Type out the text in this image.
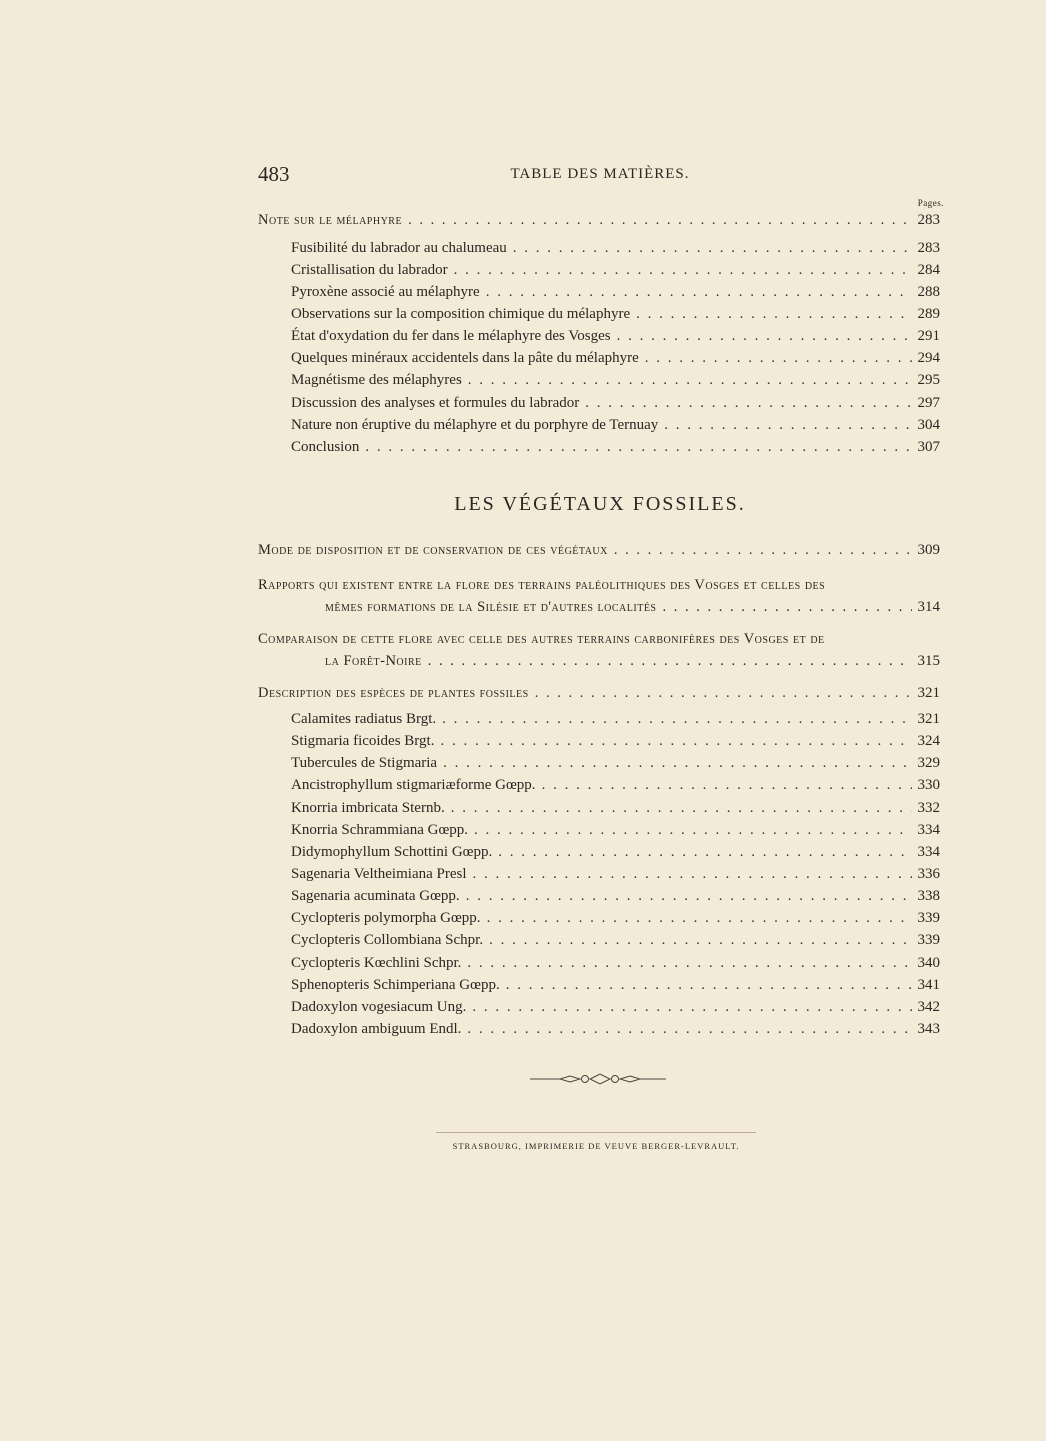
483	TABLE DES MATIÈRES.
Pages.
Note sur le mélaphyre . . .	283
Fusibilité du labrador au chalumeau . . .	283
Cristallisation du labrador . . .	284
Pyroxène associé au mélaphyre . . .	288
Observations sur la composition chimique du mélaphyre . . .	289
État d'oxydation du fer dans le mélaphyre des Vosges . . .	291
Quelques minéraux accidentels dans la pâte du mélaphyre . . .	294
Magnétisme des mélaphyres . . .	295
Discussion des analyses et formules du labrador . . .	297
Nature non éruptive du mélaphyre et du porphyre de Ternuay . . .	304
Conclusion . . .	307
LES VÉGÉTAUX FOSSILES.
Mode de disposition et de conservation de ces végétaux . . .	309
Rapports qui existent entre la flore des terrains paléolithiques des Vosges et celles des
mêmes formations de la Silésie et d'autres localités . . .	314
Comparaison de cette flore avec celle des autres terrains carbonifères des Vosges et de
la Forêt-Noire . . .	315
Description des espèces de plantes fossiles . . .	321
Calamites radiatus Brgt. . . .	321
Stigmaria ficoides Brgt. . . .	324
Tubercules de Stigmaria . . .	329
Ancistrophyllum stigmariæforme Gœpp. . . .	330
Knorria imbricata Sternb. . . .	332
Knorria Schrammiana Gœpp. . . .	334
Didymophyllum Schottini Gœpp. . . .	334
Sagenaria Veltheimiana Presl . . .	336
Sagenaria acuminata Gœpp. . . .	338
Cyclopteris polymorpha Gœpp. . . .	339
Cyclopteris Collombiana Schpr. . . .	339
Cyclopteris Kœchlini Schpr. . . .	340
Sphenopteris Schimperiana Gœpp. . . .	341
Dadoxylon vogesiacum Ung. . . .	342
Dadoxylon ambiguum Endl. . . .	343
STRASBOURG, IMPRIMERIE DE VEUVE BERGER-LEVRAULT.
